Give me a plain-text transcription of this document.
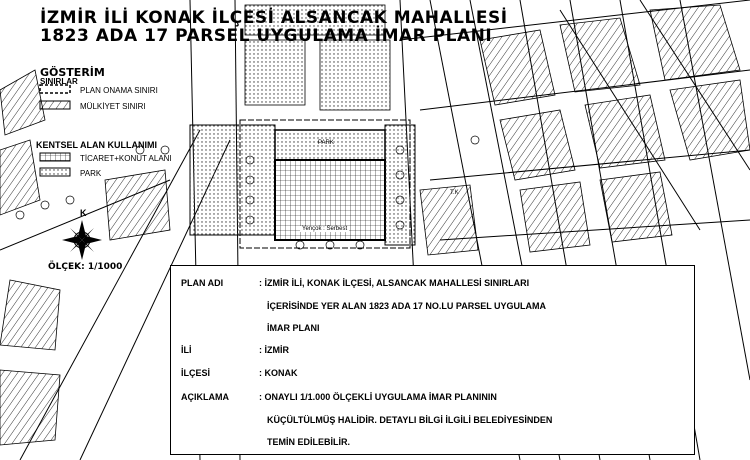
İZMİR İLİ KONAK İLÇESİ ALSANCAK MAHALLESİ
1823 ADA 17 PARSEL UYGULAMA İMAR PLANI
GÖSTERİM
SINIRLAR
PLAN ONAMA SINIRI
MÜLKİYET SINIRI
KENTSEL ALAN KULLANIMI
TİCARET+KONUT ALANI
PARK
K
ÖLÇEK: 1/1000
PARK
Yençok : Serbest
T.K
PLAN ADI	: İZMİR İLİ, KONAK İLÇESİ, ALSANCAK MAHALLESİ SINIRLARI
İÇERİSİNDE YER ALAN 1823 ADA 17 NO.LU PARSEL UYGULAMA
İMAR PLANI
İLİ	: İZMİR
İLÇESİ	: KONAK
AÇIKLAMA	: ONAYLI 1/1.000 ÖLÇEKLİ UYGULAMA İMAR PLANININ
KÜÇÜLTÜLMÜŞ HALİDİR. DETAYLI BİLGİ İLGİLİ BELEDİYESİNDEN
TEMİN EDİLEBİLİR.
